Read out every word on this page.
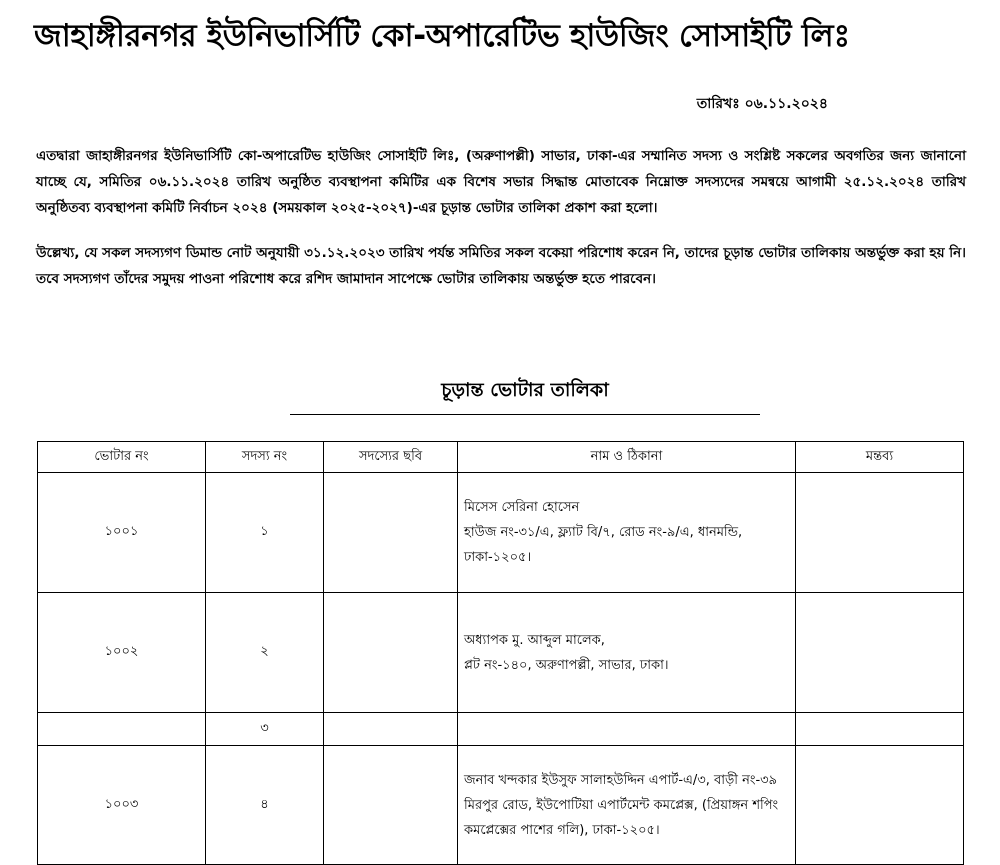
জাহাঙ্গীরনগর ইউনিভার্সিটি কো-অপারেটিভ হাউজিং সোসাইটি লিঃ
তারিখঃ ০৬.১১.২০২৪
এতদ্বারা জাহাঙ্গীরনগর ইউনিভার্সিটি কো-অপারেটিভ হাউজিং সোসাইটি লিঃ, (অরুণাপল্লী) সাভার, ঢাকা-এর সম্মানিত সদস্য ও সংশ্লিষ্ট সকলের অবগতির জন্য জানানো যাচ্ছে যে, সমিতির ০৬.১১.২০২৪ তারিখ অনুষ্ঠিত ব্যবস্থাপনা কমিটির এক বিশেষ সভার সিদ্ধান্ত মোতাবেক নিম্নোক্ত সদস্যদের সমন্বয়ে আগামী ২৫.১২.২০২৪ তারিখ অনুষ্ঠিতব্য ব্যবস্থাপনা কমিটি নির্বাচন ২০২৪ (সময়কাল ২০২৫-২০২৭)-এর চূড়ান্ত ভোটার তালিকা প্রকাশ করা হলো।
উল্লেখ্য, যে সকল সদস্যগণ ডিমান্ড নোট অনুযায়ী ৩১.১২.২০২৩ তারিখ পর্যন্ত সমিতির সকল বকেয়া পরিশোধ করেন নি, তাদের চূড়ান্ত ভোটার তালিকায় অন্তর্ভুক্ত করা হয় নি। তবে সদস্যগণ তাঁদের সমুদয় পাওনা পরিশোধ করে রশিদ জামাদান সাপেক্ষে ভোটার তালিকায় অন্তর্ভুক্ত হতে পারবেন।
চূড়ান্ত ভোটার তালিকা
ভোটার নং	সদস্য নং	সদস্যের ছবি	নাম ও ঠিকানা	মন্তব্য
১০০১	১		মিসেস সেরিনা হোসেন
হাউজ নং-৩১/এ, ফ্ল্যাট বি/৭, রোড নং-৯/এ, ধানমন্ডি, ঢাকা-১২০৫।	

১০০২	২		অধ্যাপক মু. আব্দুল মালেক,
প্লট নং-১৪০, অরুণাপল্লী, সাভার, ঢাকা।	

	৩		

১০০৩	৪		জনাব খন্দকার ইউসুফ সালাহউদ্দিন এপার্ট-এ/৩, বাড়ী নং-৩৯ মিরপুর রোড, ইউপোটিয়া এপার্টমেন্ট কমপ্লেক্স, (প্রিয়াঙ্গন শপিং কমপ্লেক্সের পাশের গলি), ঢাকা-১২০৫।	
